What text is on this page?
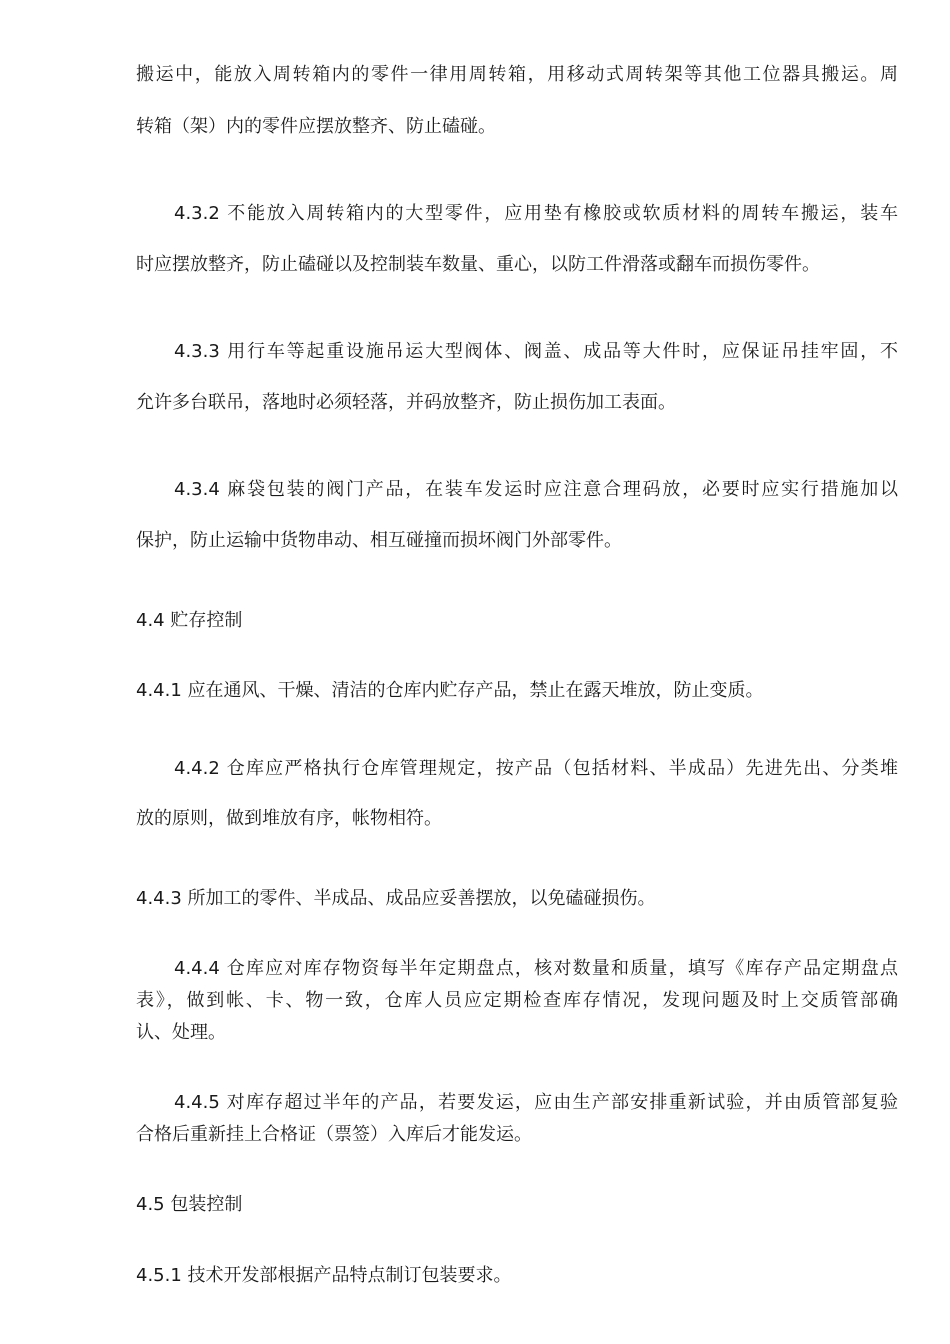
搬运中，能放入周转箱内的零件一律用周转箱，用移动式周转架等其他工位器具搬运。周
转箱（架）内的零件应摆放整齐、防止磕碰。
4.3.2 不能放入周转箱内的大型零件，应用垫有橡胶或软质材料的周转车搬运，装车
时应摆放整齐，防止磕碰以及控制装车数量、重心，以防工件滑落或翻车而损伤零件。
4.3.3 用行车等起重设施吊运大型阀体、阀盖、成品等大件时，应保证吊挂牢固，不
允许多台联吊，落地时必须轻落，并码放整齐，防止损伤加工表面。
4.3.4 麻袋包装的阀门产品，在装车发运时应注意合理码放，必要时应实行措施加以
保护，防止运输中货物串动、相互碰撞而损坏阀门外部零件。
4.4 贮存控制
4.4.1 应在通风、干燥、清洁的仓库内贮存产品，禁止在露天堆放，防止变质。
4.4.2 仓库应严格执行仓库管理规定，按产品（包括材料、半成品）先进先出、分类堆
放的原则，做到堆放有序，帐物相符。
4.4.3 所加工的零件、半成品、成品应妥善摆放，以免磕碰损伤。
4.4.4 仓库应对库存物资每半年定期盘点，核对数量和质量，填写《库存产品定期盘点
表》，做到帐、卡、物一致，仓库人员应定期检查库存情况，发现问题及时上交质管部确
认、处理。
4.4.5 对库存超过半年的产品，若要发运，应由生产部安排重新试验，并由质管部复验
合格后重新挂上合格证（票签）入库后才能发运。
4.5 包装控制
4.5.1 技术开发部根据产品特点制订包装要求。
